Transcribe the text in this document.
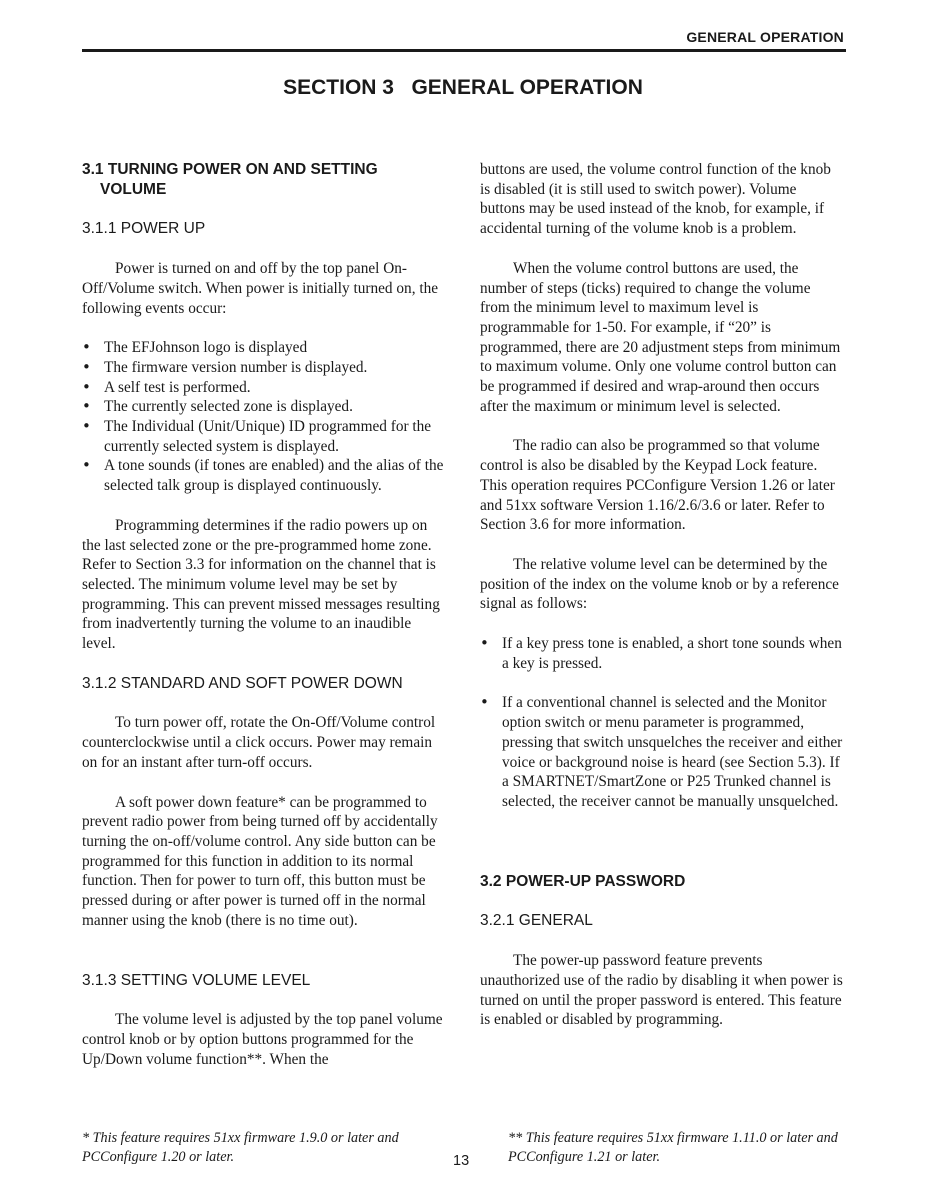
GENERAL OPERATION
SECTION 3   GENERAL OPERATION
3.1 TURNING POWER ON AND SETTING
VOLUME
3.1.1 POWER UP

Power is turned on and off by the top panel On-Off/Volume switch. When power is initially turned on, the following events occur:

• The EFJohnson logo is displayed
• The firmware version number is displayed.
• A self test is performed.
• The currently selected zone is displayed.
• The Individual (Unit/Unique) ID programmed for the currently selected system is displayed.
• A tone sounds (if tones are enabled) and the alias of the selected talk group is displayed continuously.

Programming determines if the radio powers up on the last selected zone or the pre-programmed home zone. Refer to Section 3.3 for information on the channel that is selected. The minimum volume level may be set by programming. This can prevent missed messages resulting from inadvertently turning the volume to an inaudible level.

3.1.2 STANDARD AND SOFT POWER DOWN

To turn power off, rotate the On-Off/Volume control counterclockwise until a click occurs. Power may remain on for an instant after turn-off occurs.

A soft power down feature* can be programmed to prevent radio power from being turned off by accidentally turning the on-off/volume control. Any side button can be programmed for this function in addition to its normal function. Then for power to turn off, this button must be pressed during or after power is turned off in the normal manner using the knob (there is no time out).

3.1.3 SETTING VOLUME LEVEL

The volume level is adjusted by the top panel volume control knob or by option buttons programmed for the Up/Down volume function**. When the

buttons are used, the volume control function of the knob is disabled (it is still used to switch power). Volume buttons may be used instead of the knob, for example, if accidental turning of the volume knob is a problem.

When the volume control buttons are used, the number of steps (ticks) required to change the volume from the minimum level to maximum level is programmable for 1-50. For example, if “20” is programmed, there are 20 adjustment steps from minimum to maximum volume. Only one volume control button can be programmed if desired and wrap-around then occurs after the maximum or minimum level is selected.

The radio can also be programmed so that volume control is also be disabled by the Keypad Lock feature. This operation requires PCConfigure Version 1.26 or later and 51xx software Version 1.16/2.6/3.6 or later. Refer to Section 3.6 for more information.

The relative volume level can be determined by the position of the index on the volume knob or by a reference signal as follows:

• If a key press tone is enabled, a short tone sounds when a key is pressed.
• If a conventional channel is selected and the Monitor option switch or menu parameter is programmed, pressing that switch unsquelches the receiver and either voice or background noise is heard (see Section 5.3). If a SMARTNET/SmartZone or P25 Trunked channel is selected, the receiver cannot be manually unsquelched.
3.2 POWER-UP PASSWORD
3.2.1 GENERAL

The power-up password feature prevents unauthorized use of the radio by disabling it when power is turned on until the proper password is entered. This feature is enabled or disabled by programming.

* This feature requires 51xx firmware 1.9.0 or later and PCConfigure 1.20 or later.	13
** This feature requires 51xx firmware 1.11.0 or later and PCConfigure 1.21 or later.
